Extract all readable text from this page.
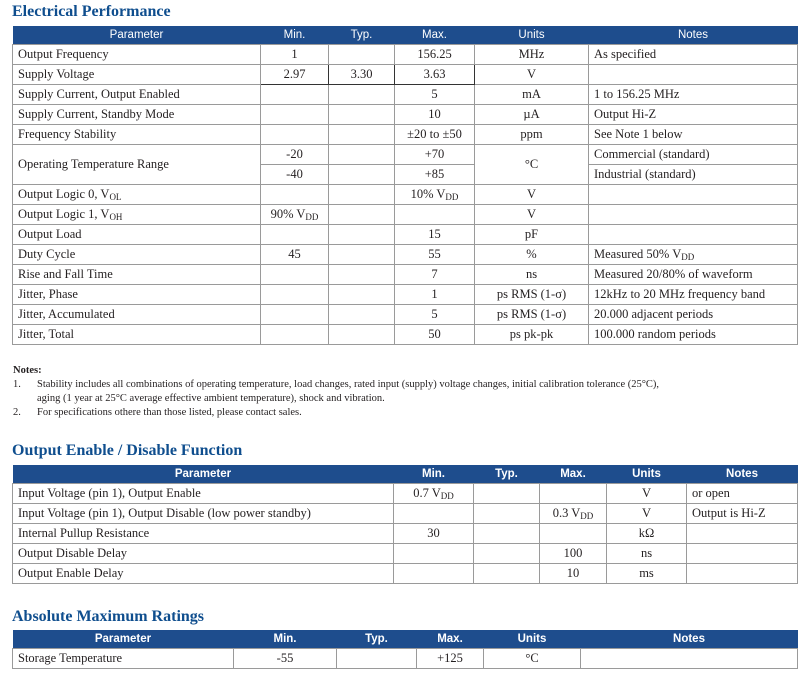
Electrical Performance
Parameter	Min.	Typ.	Max.	Units	Notes
Output Frequency	1		156.25	MHz	As specified
Supply Voltage	2.97	3.30	3.63	V	
Supply Current, Output Enabled			5	mA	1 to 156.25 MHz
Supply Current, Standby Mode			10	µA	Output Hi-Z
Frequency Stability			±20 to ±50	ppm	See Note 1 below
Operating Temperature Range	-20		+70	°C	Commercial (standard)
	-40		+85		Industrial (standard)
Output Logic 0, $V_{OL}$			10% $V_{DD}$	V	
Output Logic 1, $V_{OH}$	90% $V_{DD}$			V	
Output Load			15	pF	
Duty Cycle	45		55	%	Measured 50% $V_{DD}$
Rise and Fall Time			7	ns	Measured 20/80% of waveform
Jitter, Phase			1	ps RMS (1-σ)	12kHz to 20 MHz frequency band
Jitter, Accumulated			5	ps RMS (1-σ)	20.000 adjacent periods
Jitter, Total			50	ps pk-pk	100.000 random periods
Notes:
1.	Stability includes all combinations of operating temperature, load changes, rated input (supply) voltage changes, initial calibration tolerance (25°C),
aging (1 year at 25°C average effective ambient temperature), shock and vibration.
2.	For specifications othere than those listed, please contact sales.
Output Enable / Disable Function
Parameter	Min.	Typ.	Max.	Units	Notes
Input Voltage (pin 1), Output Enable	0.7 $V_{DD}$			V	or open
Input Voltage (pin 1), Output Disable (low power standby)			0.3 $V_{DD}$	V	Output is Hi-Z
Internal Pullup Resistance	30			kΩ	
Output Disable Delay			100	ns	
Output Enable Delay			10	ms	
Absolute Maximum Ratings
Parameter	Min.	Typ.	Max.	Units	Notes
Storage Temperature	-55		+125	°C	
